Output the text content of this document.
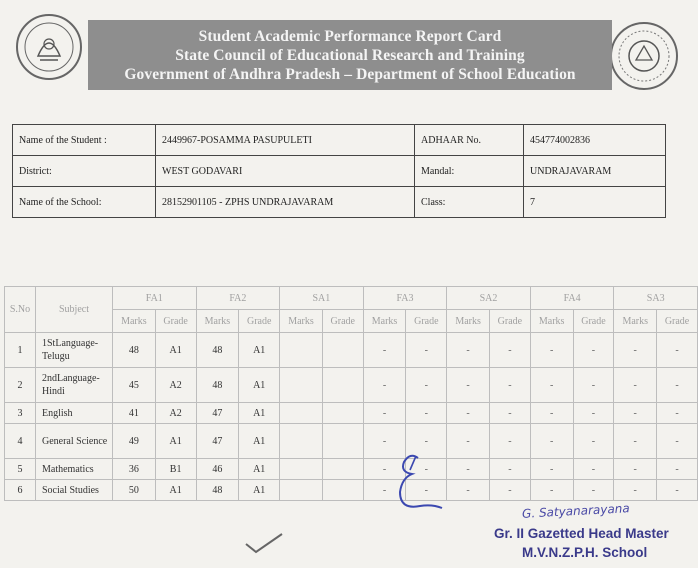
Student Academic Performance Report Card
State Council of Educational Research and Training
Government of Andhra Pradesh – Department of School Education
Name of the Student :	2449967-POSAMMA PASUPULETI	ADHAAR No.	454774002836
District:	WEST GODAVARI	Mandal:	UNDRAJAVARAM
Name of the School:	28152901105 - ZPHS UNDRAJAVARAM	Class:	7
S.No	Subject	FA1		FA2		SA1		FA3		SA2		FA4		SA3	
		Marks	Grade	Marks	Grade	Marks	Grade	Marks	Grade	Marks	Grade	Marks	Grade	Marks	Grade
1	1StLanguage-Telugu	48	A1	48	A1			-	-	-	-	-	-	-	-
2	2ndLanguage-Hindi	45	A2	48	A1			-	-	-	-	-	-	-	-
3	English	41	A2	47	A1			-	-	-	-	-	-	-	-
4	General Science	49	A1	47	A1			-	-	-	-	-	-	-	-
5	Mathematics	36	B1	46	A1			-	-	-	-	-	-	-	-
6	Social Studies	50	A1	48	A1			-	-	-	-	-	-	-	-
G. Satyanarayana
Gr. II Gazetted Head Master
M.V.N.Z.P.H. School
